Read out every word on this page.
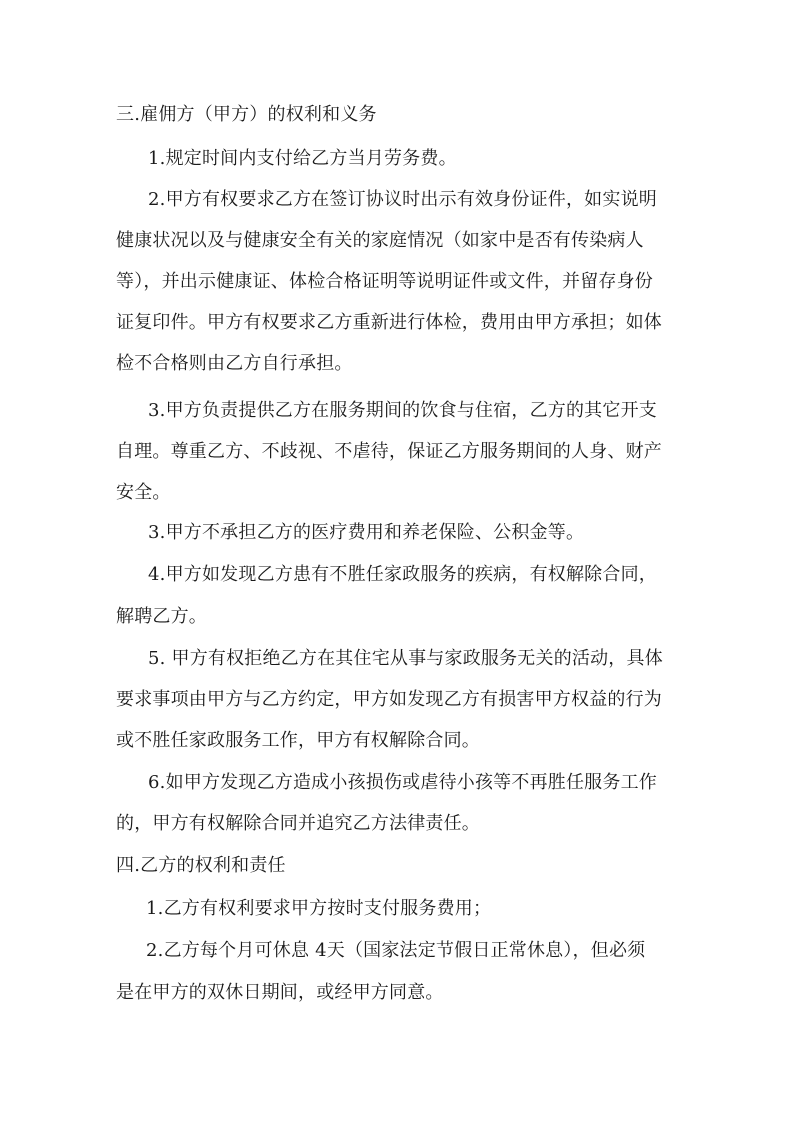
三.雇佣方（甲方）的权利和义务
1.规定时间内支付给乙方当月劳务费。
2.甲方有权要求乙方在签订协议时出示有效身份证件，如实说明
健康状况以及与健康安全有关的家庭情况（如家中是否有传染病人
等），并出示健康证、体检合格证明等说明证件或文件，并留存身份
证复印件。甲方有权要求乙方重新进行体检，费用由甲方承担；如体
检不合格则由乙方自行承担。
3.甲方负责提供乙方在服务期间的饮食与住宿，乙方的其它开支
自理。尊重乙方、不歧视、不虐待，保证乙方服务期间的人身、财产
安全。
3.甲方不承担乙方的医疗费用和养老保险、公积金等。
4.甲方如发现乙方患有不胜任家政服务的疾病，有权解除合同，
解聘乙方。
5. 甲方有权拒绝乙方在其住宅从事与家政服务无关的活动，具体
要求事项由甲方与乙方约定，甲方如发现乙方有损害甲方权益的行为
或不胜任家政服务工作，甲方有权解除合同。
6.如甲方发现乙方造成小孩损伤或虐待小孩等不再胜任服务工作
的，甲方有权解除合同并追究乙方法律责任。
四.乙方的权利和责任
1.乙方有权利要求甲方按时支付服务费用；
2.乙方每个月可休息 4天（国家法定节假日正常休息），但必须
是在甲方的双休日期间，或经甲方同意。
